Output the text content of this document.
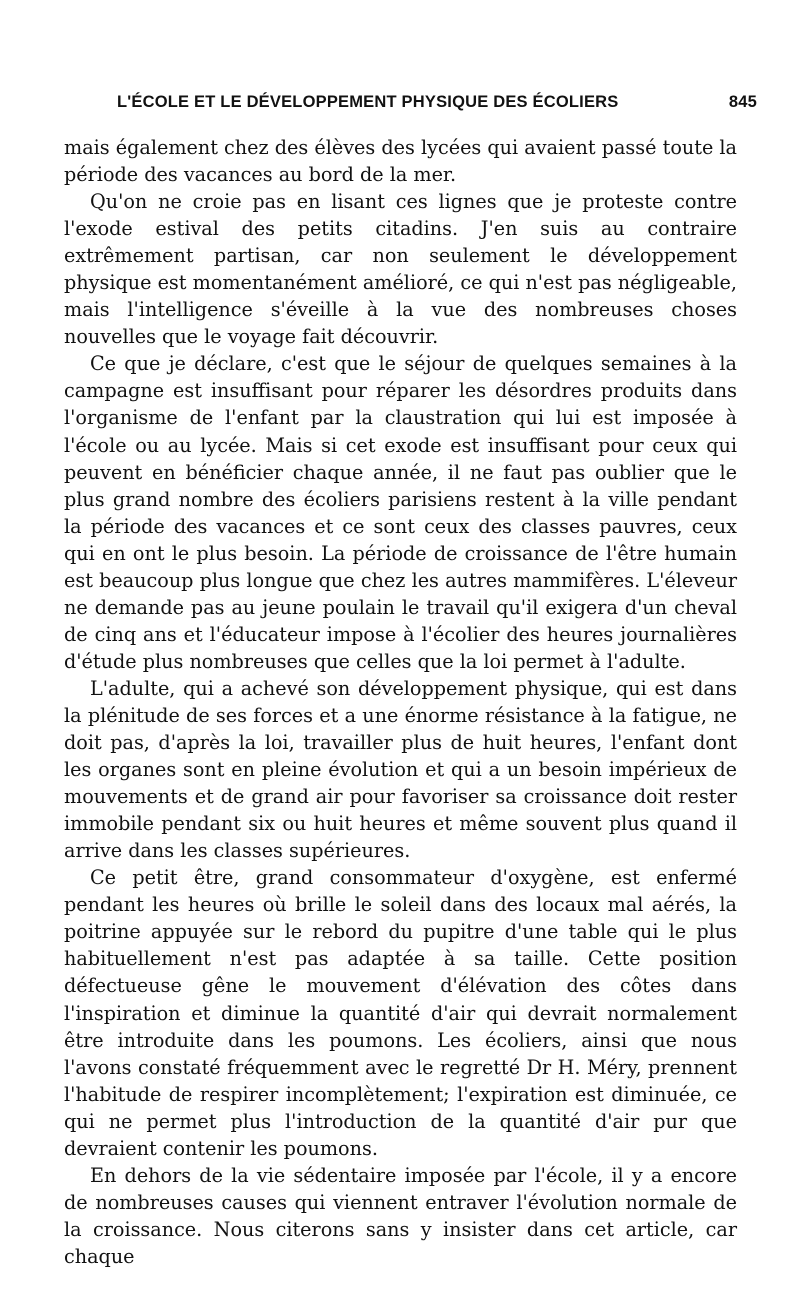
L'ÉCOLE ET LE DÉVELOPPEMENT PHYSIQUE DES ÉCOLIERS	845

mais également chez des élèves des lycées qui avaient passé toute la période des vacances au bord de la mer.

Qu'on ne croie pas en lisant ces lignes que je proteste contre l'exode estival des petits citadins. J'en suis au contraire extrêmement partisan, car non seulement le développement physique est momentanément amélioré, ce qui n'est pas négligeable, mais l'intelligence s'éveille à la vue des nombreuses choses nouvelles que le voyage fait découvrir.

Ce que je déclare, c'est que le séjour de quelques semaines à la campagne est insuffisant pour réparer les désordres produits dans l'organisme de l'enfant par la claustration qui lui est imposée à l'école ou au lycée. Mais si cet exode est insuffisant pour ceux qui peuvent en bénéficier chaque année, il ne faut pas oublier que le plus grand nombre des écoliers parisiens restent à la ville pendant la période des vacances et ce sont ceux des classes pauvres, ceux qui en ont le plus besoin. La période de croissance de l'être humain est beaucoup plus longue que chez les autres mammifères. L'éleveur ne demande pas au jeune poulain le travail qu'il exigera d'un cheval de cinq ans et l'éducateur impose à l'écolier des heures journalières d'étude plus nombreuses que celles que la loi permet à l'adulte.

L'adulte, qui a achevé son développement physique, qui est dans la plénitude de ses forces et a une énorme résistance à la fatigue, ne doit pas, d'après la loi, travailler plus de huit heures, l'enfant dont les organes sont en pleine évolution et qui a un besoin impérieux de mouvements et de grand air pour favoriser sa croissance doit rester immobile pendant six ou huit heures et même souvent plus quand il arrive dans les classes supérieures.

Ce petit être, grand consommateur d'oxygène, est enfermé pendant les heures où brille le soleil dans des locaux mal aérés, la poitrine appuyée sur le rebord du pupitre d'une table qui le plus habituellement n'est pas adaptée à sa taille. Cette position défectueuse gêne le mouvement d'élévation des côtes dans l'inspiration et diminue la quantité d'air qui devrait normalement être introduite dans les poumons. Les écoliers, ainsi que nous l'avons constaté fréquemment avec le regretté Dr H. Méry, prennent l'habitude de respirer incomplètement; l'expiration est diminuée, ce qui ne permet plus l'introduction de la quantité d'air pur que devraient contenir les poumons.

En dehors de la vie sédentaire imposée par l'école, il y a encore de nombreuses causes qui viennent entraver l'évolution normale de la croissance. Nous citerons sans y insister dans cet article, car chaque
